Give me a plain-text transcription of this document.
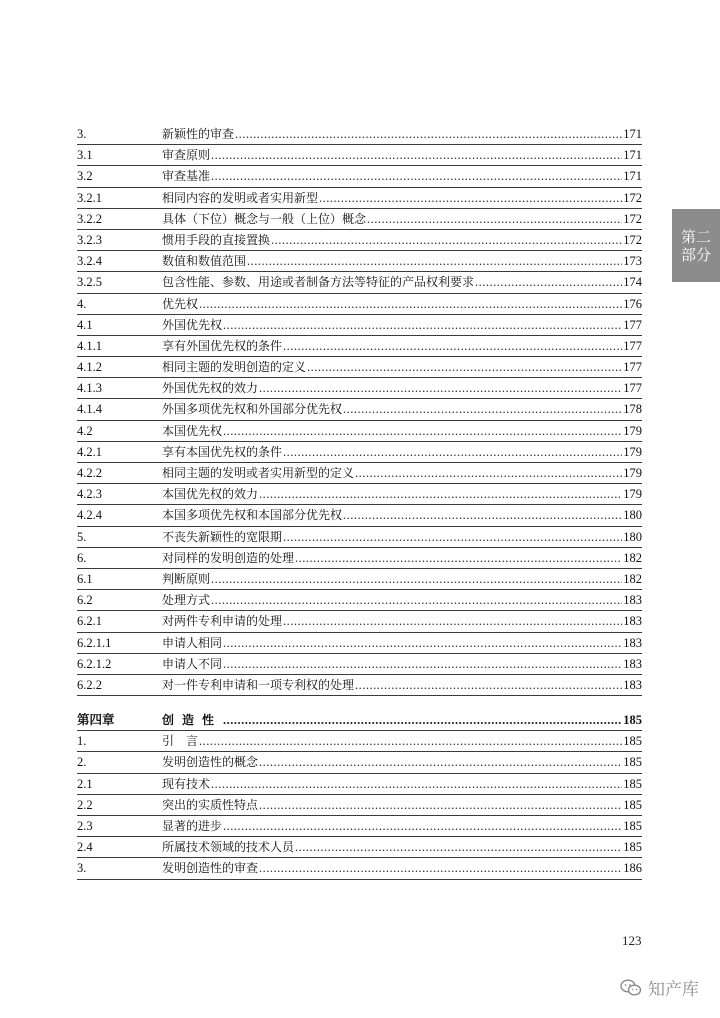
第二
部分
3.	新颖性的审查 .....	171
3.1	审查原则 .....	171
3.2	审查基准 .....	171
3.2.1	相同内容的发明或者实用新型 .....	172
3.2.2	具体（下位）概念与一般（上位）概念 .....	172
3.2.3	惯用手段的直接置换 .....	172
3.2.4	数值和数值范围 .....	173
3.2.5	包含性能、参数、用途或者制备方法等特征的产品权利要求 .....	174
4.	优先权 .....	176
4.1	外国优先权 .....	177
4.1.1	享有外国优先权的条件 .....	177
4.1.2	相同主题的发明创造的定义 .....	177
4.1.3	外国优先权的效力 .....	177
4.1.4	外国多项优先权和外国部分优先权 .....	178
4.2	本国优先权 .....	179
4.2.1	享有本国优先权的条件 .....	179
4.2.2	相同主题的发明或者实用新型的定义 .....	179
4.2.3	本国优先权的效力 .....	179
4.2.4	本国多项优先权和本国部分优先权 .....	180
5.	不丧失新颖性的宽限期 .....	180
6.	对同样的发明创造的处理 .....	182
6.1	判断原则 .....	182
6.2	处理方式 .....	183
6.2.1	对两件专利申请的处理 .....	183
6.2.1.1	申请人相同 .....	183
6.2.1.2	申请人不同 .....	183
6.2.2	对一件专利申请和一项专利权的处理 .....	183
第四章	创造性 .....	185
1.	引　言 .....	185
2.	发明创造性的概念 .....	185
2.1	现有技术 .....	185
2.2	突出的实质性特点 .....	185
2.3	显著的进步 .....	185
2.4	所属技术领域的技术人员 .....	185
3.	发明创造性的审查 .....	186
123
知产库
